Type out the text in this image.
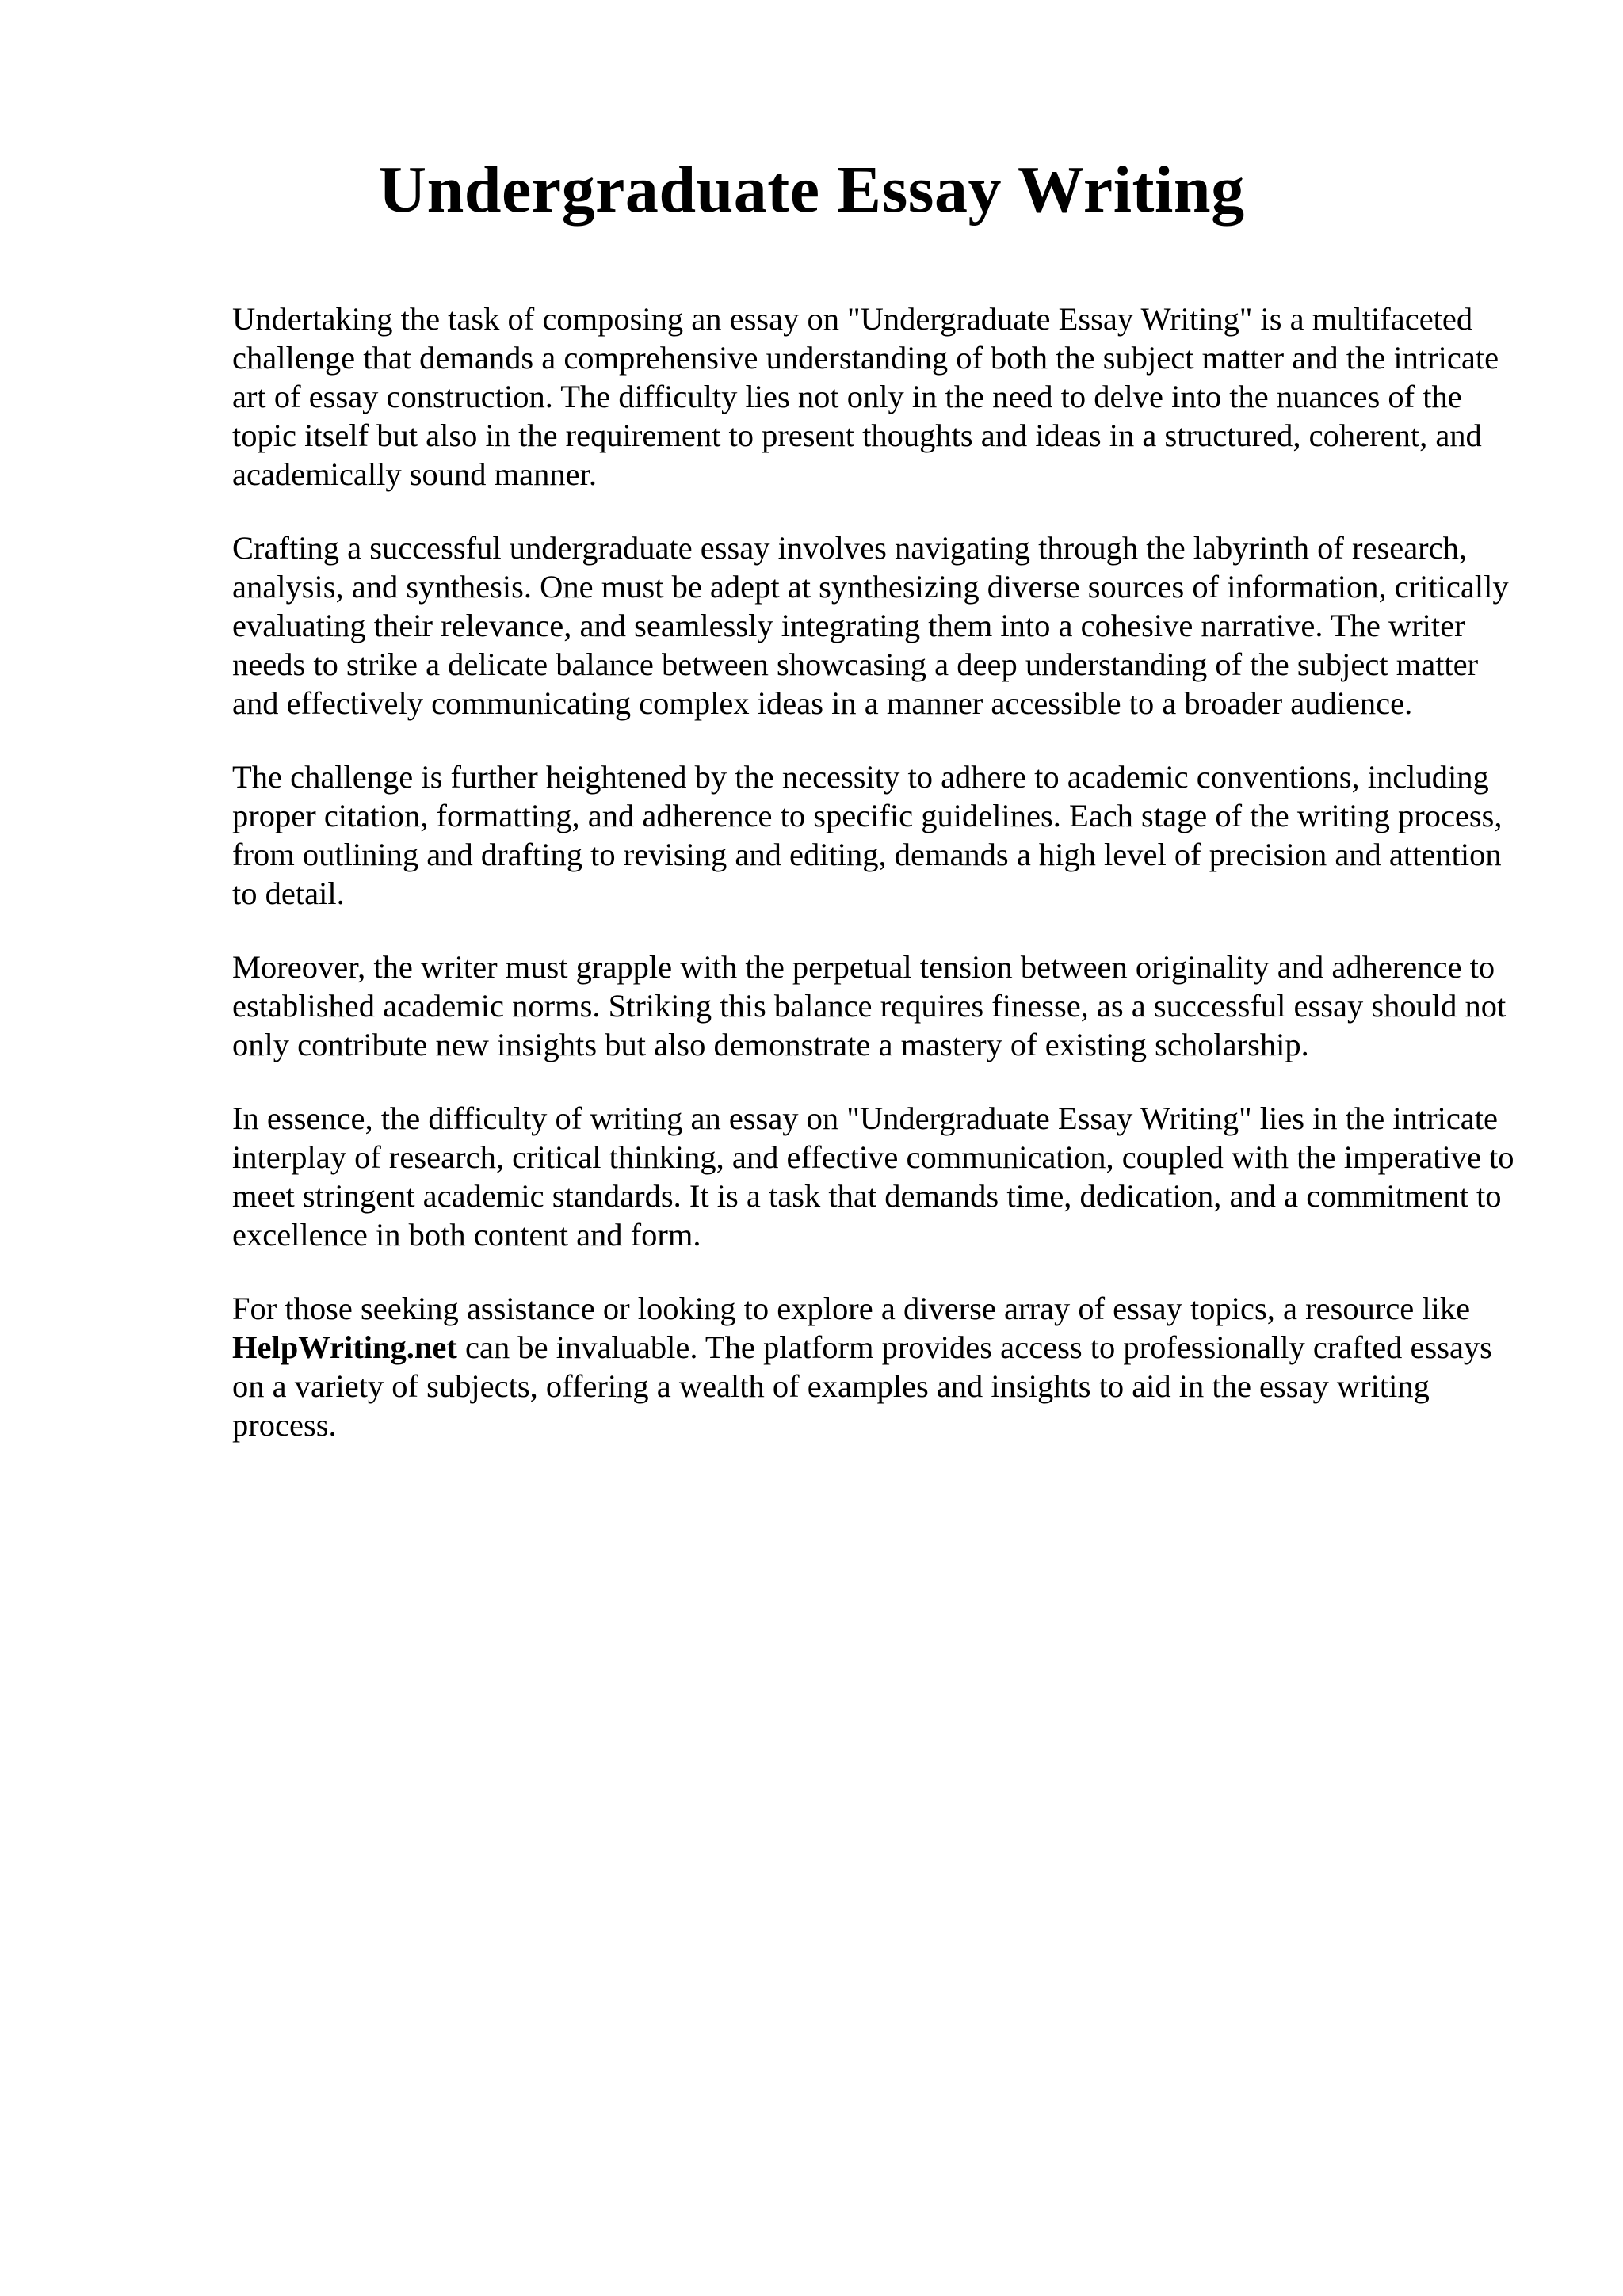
Undergraduate Essay Writing

Undertaking the task of composing an essay on "Undergraduate Essay Writing" is a multifaceted challenge that demands a comprehensive understanding of both the subject matter and the intricate art of essay construction. The difficulty lies not only in the need to delve into the nuances of the topic itself but also in the requirement to present thoughts and ideas in a structured, coherent, and academically sound manner.

Crafting a successful undergraduate essay involves navigating through the labyrinth of research, analysis, and synthesis. One must be adept at synthesizing diverse sources of information, critically evaluating their relevance, and seamlessly integrating them into a cohesive narrative. The writer needs to strike a delicate balance between showcasing a deep understanding of the subject matter and effectively communicating complex ideas in a manner accessible to a broader audience.

The challenge is further heightened by the necessity to adhere to academic conventions, including proper citation, formatting, and adherence to specific guidelines. Each stage of the writing process, from outlining and drafting to revising and editing, demands a high level of precision and attention to detail.

Moreover, the writer must grapple with the perpetual tension between originality and adherence to established academic norms. Striking this balance requires finesse, as a successful essay should not only contribute new insights but also demonstrate a mastery of existing scholarship.

In essence, the difficulty of writing an essay on "Undergraduate Essay Writing" lies in the intricate interplay of research, critical thinking, and effective communication, coupled with the imperative to meet stringent academic standards. It is a task that demands time, dedication, and a commitment to excellence in both content and form.

For those seeking assistance or looking to explore a diverse array of essay topics, a resource like HelpWriting.net can be invaluable. The platform provides access to professionally crafted essays on a variety of subjects, offering a wealth of examples and insights to aid in the essay writing process.
